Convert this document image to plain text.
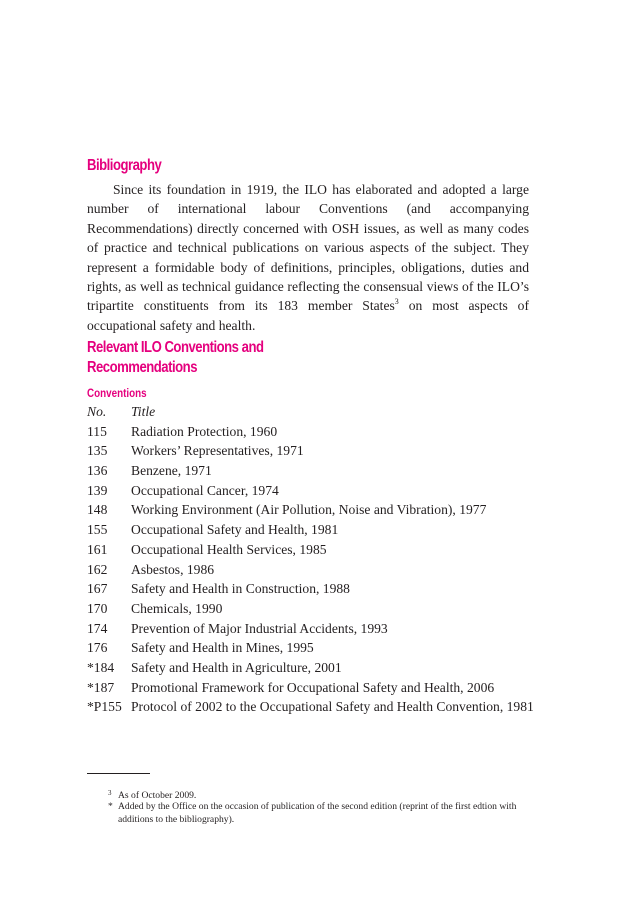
Bibliography

Since its foundation in 1919, the ILO has elaborated and adopted a large number of international labour Conventions (and accompanying Recommendations) directly concerned with OSH issues, as well as many codes of practice and technical publications on various aspects of the subject. They represent a formidable body of definitions, principles, obligations, duties and rights, as well as technical guidance reflecting the consensual views of the ILO’s tripartite constituents from its 183 member States$^3$ on most aspects of occupational safety and health.

Relevant ILO Conventions and Recommendations
Conventions
No.	Title
115	Radiation Protection, 1960
135	Workers’ Representatives, 1971
136	Benzene, 1971
139	Occupational Cancer, 1974
148	Working Environment (Air Pollution, Noise and Vibration), 1977
155	Occupational Safety and Health, 1981
161	Occupational Health Services, 1985
162	Asbestos, 1986
167	Safety and Health in Construction, 1988
170	Chemicals, 1990
174	Prevention of Major Industrial Accidents, 1993
176	Safety and Health in Mines, 1995
*184	Safety and Health in Agriculture, 2001
*187	Promotional Framework for Occupational Safety and Health, 2006
*P155 Protocol of 2002 to the Occupational Safety and Health Convention, 1981

3 As of October 2009.

* Added by the Office on the occasion of publication of the second edition (reprint of the first edtion with
additions to the bibliography).
